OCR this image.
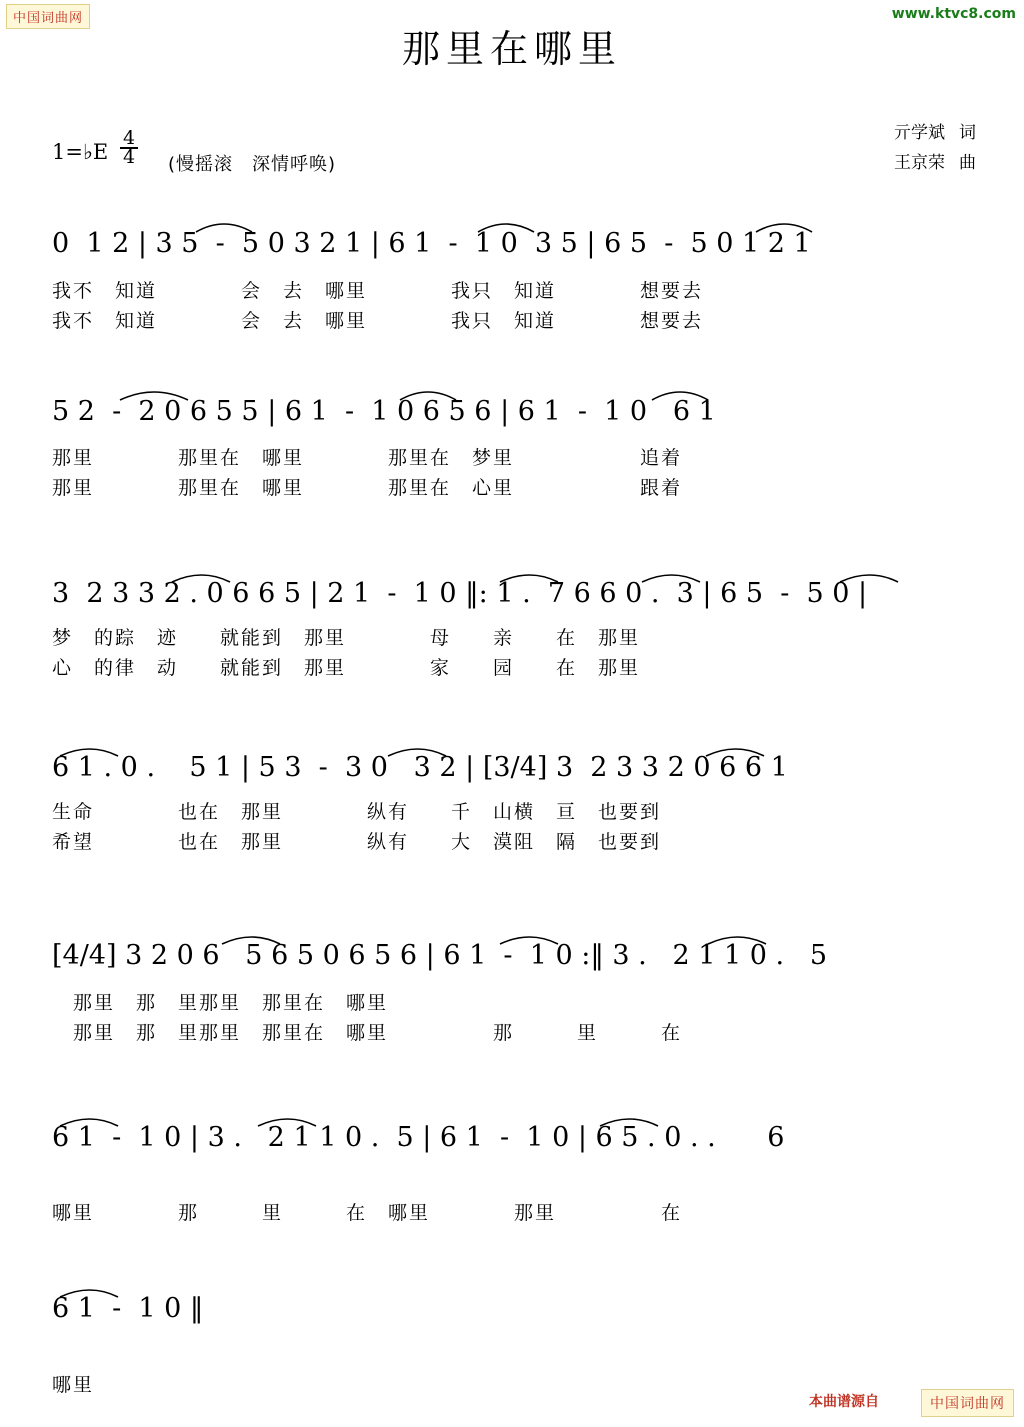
中国词曲网	www.ktvc8.com
本曲谱源自	中国词曲网
那里在哪里
亓学斌 词
王京荣 曲
1=♭E $\frac{4}{4}$ (慢摇滚　深情呼唤)
0  1 2 | 3 5  -  5 0 3 2 1 | 6 1  -  1 0  3 5 | 6 5  -  5 0 1 2 1
我不　知道　　　　会　去　哪里　　　　我只　知道　　　　想要去
我不　知道　　　　会　去　哪里　　　　我只　知道　　　　想要去
5 2  -  2 0 6 5 5 | 6 1  -  1 0 6 5 6 | 6 1  -  1 0   6 1
那里　　　　那里在　哪里　　　　那里在　梦里　　　　　　追着
那里　　　　那里在　哪里　　　　那里在　心里　　　　　　跟着
3  2 3 3 2 . 0 6 6 5 | 2 1  -  1 0 ‖: 1 .  7 6 6 0 .  3 | 6 5  -  5 0 |
梦　的踪　迹　　就能到　那里　　　　母　　亲　　在　那里
心　的律　动　　就能到　那里　　　　家　　园　　在　那里
6 1 . 0 .    5 1 | 5 3  -  3 0   3 2 | [3/4] 3  2 3 3 2 0 6 6 1
生命　　　　也在　那里　　　　纵有　　千　山横　亘　也要到
希望　　　　也在　那里　　　　纵有　　大　漠阻　隔　也要到
[4/4] 3 2 0 6   5 6 5 0 6 5 6 | 6 1  -  1 0 :‖ 3 .   2 1 1 0 .   5
　那里　那　里那里　那里在　哪里
　那里　那　里那里　那里在　哪里　　　　　那　　　里　　　在
6 1  -  1 0 | 3 .   2 1 1 0 .  5 | 6 1  -  1 0 | 6 5 . 0 . .      6
哪里　　　　那　　　里　　　在　哪里　　　　那里　　　　　在
6 1  -  1 0 ‖
哪里
